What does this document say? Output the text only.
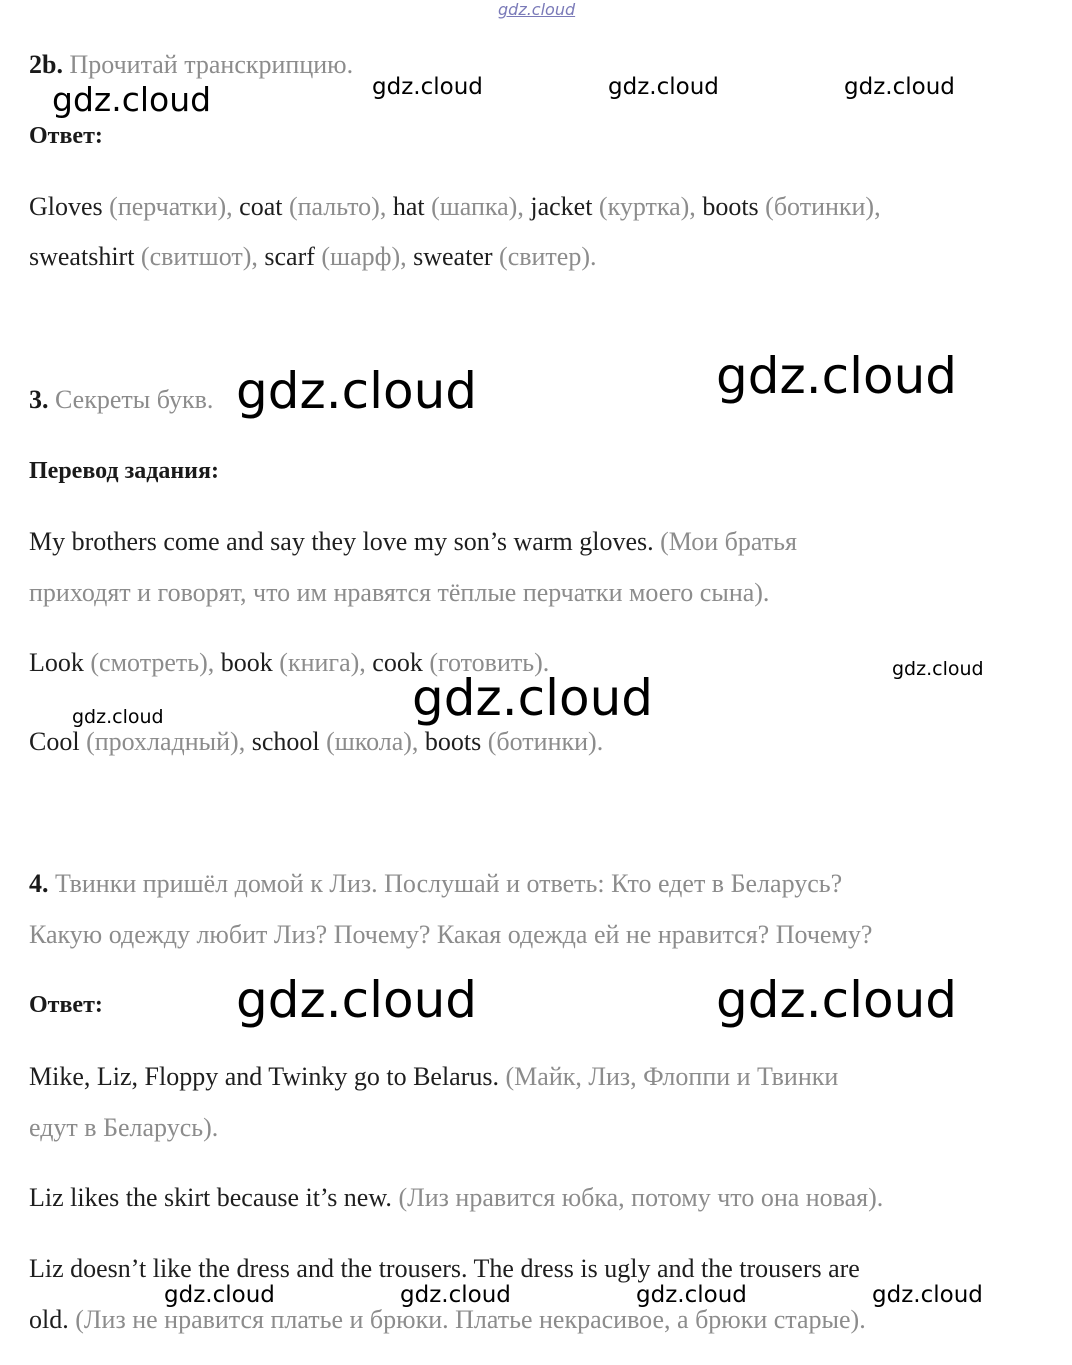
gdz.cloud
gdz.cloud	gdz.cloud	gdz.cloud	gdz.cloud
gdz.cloud	gdz.cloud
gdz.cloud
gdz.cloud
gdz.cloud
gdz.cloud	gdz.cloud
gdz.cloud	gdz.cloud	gdz.cloud	gdz.cloud
2b. Прочитай транскрипцию.
Ответ:
Gloves (перчатки), coat (пальто), hat (шапка), jacket (куртка), boots (ботинки),
sweatshirt (свитшот), scarf (шарф), sweater (свитер).
3. Секреты букв.
Перевод задания:
My brothers come and say they love my son’s warm gloves. (Мои братья
приходят и говорят, что им нравятся тёплые перчатки моего сына).
Look (смотреть), book (книга), cook (готовить).
Cool (прохладный), school (школа), boots (ботинки).
4. Твинки пришёл домой к Лиз. Послушай и ответь: Кто едет в Беларусь?
Какую одежду любит Лиз? Почему? Какая одежда ей не нравится? Почему?
Ответ:
Mike, Liz, Floppy and Twinky go to Belarus. (Майк, Лиз, Флоппи и Твинки
едут в Беларусь).
Liz likes the skirt because it’s new. (Лиз нравится юбка, потому что она новая).
Liz doesn’t like the dress and the trousers. The dress is ugly and the trousers are
old. (Лиз не нравится платье и брюки. Платье некрасивое, а брюки старые).
